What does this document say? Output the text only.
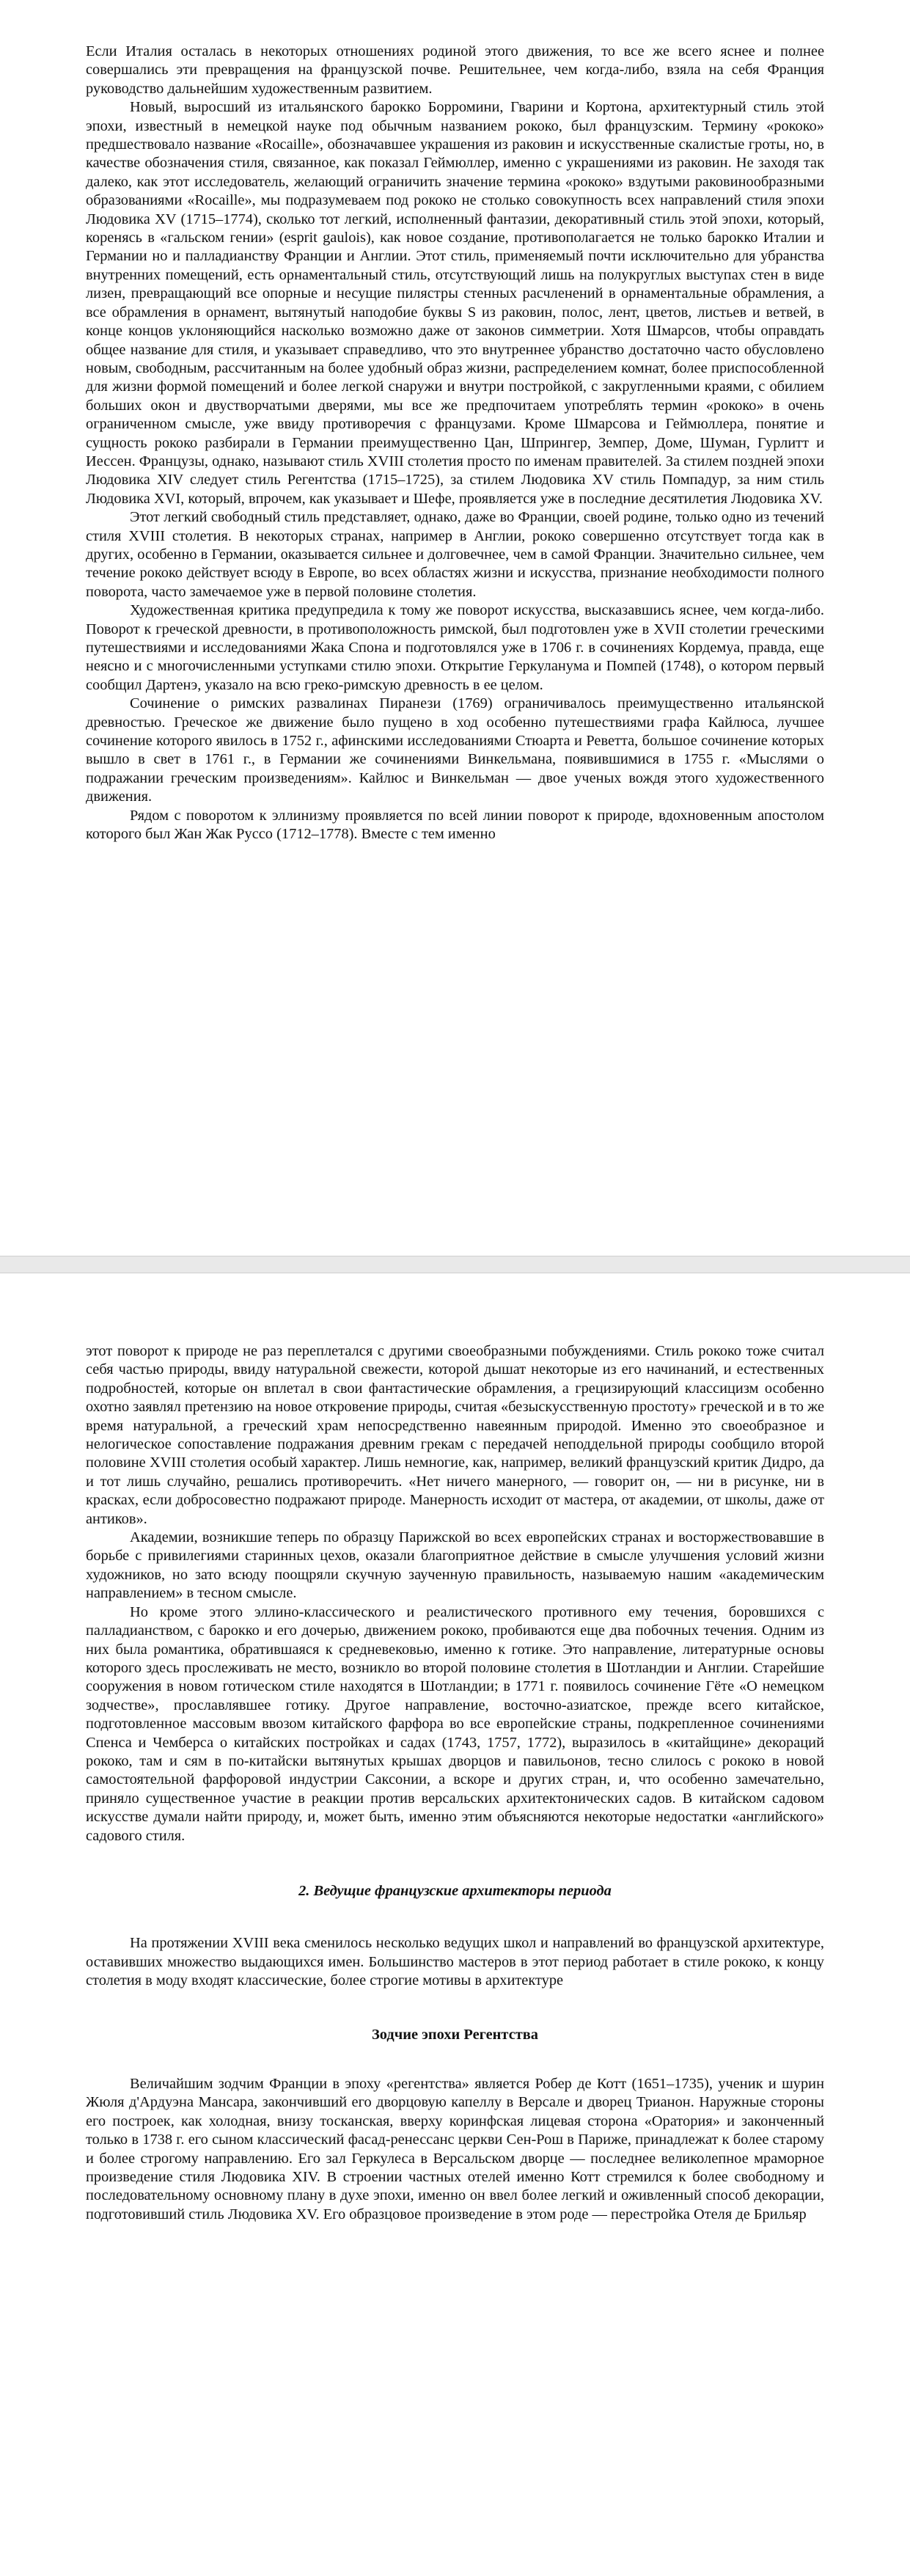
Если Италия осталась в некоторых отношениях родиной этого движения, то все же всего яснее и полнее совершались эти превращения на французской почве. Решительнее, чем когда-либо, взяла на себя Франция руководство дальнейшим художественным развитием.

Новый, выросший из итальянского барокко Борромини, Гварини и Кортона, архитектурный стиль этой эпохи, известный в немецкой науке под обычным названием рококо, был французским. Термину «рококо» предшествовало название «Rocaille», обозначавшее украшения из раковин и искусственные скалистые гроты, но, в качестве обозначения стиля, связанное, как показал Геймюллер, именно с украшениями из раковин. Не заходя так далеко, как этот исследователь, желающий ограничить значение термина «рококо» вздутыми раковинообразными образованиями «Rocaille», мы подразумеваем под рококо не столько совокупность всех направлений стиля эпохи Людовика XV (1715–1774), сколько тот легкий, исполненный фантазии, декоративный стиль этой эпохи, который, коренясь в «гальском гении» (esprit gaulois), как новое создание, противополагается не только барокко Италии и Германии но и палладианству Франции и Англии. Этот стиль, применяемый почти исключительно для убранства внутренних помещений, есть орнаментальный стиль, отсутствующий лишь на полукруглых выступах стен в виде лизен, превращающий все опорные и несущие пилястры стенных расчленений в орнаментальные обрамления, а все обрамления в орнамент, вытянутый наподобие буквы S из раковин, полос, лент, цветов, листьев и ветвей, в конце концов уклоняющийся насколько возможно даже от законов симметрии. Хотя Шмарсов, чтобы оправдать общее название для стиля, и указывает справедливо, что это внутреннее убранство достаточно часто обусловлено новым, свободным, рассчитанным на более удобный образ жизни, распределением комнат, более приспособленной для жизни формой помещений и более легкой снаружи и внутри постройкой, с закругленными краями, с обилием больших окон и двустворчатыми дверями, мы все же предпочитаем употреблять термин «рококо» в очень ограниченном смысле, уже ввиду противоречия с французами. Кроме Шмарсова и Геймюллера, понятие и сущность рококо разбирали в Германии преимущественно Цан, Шпрингер, Земпер, Доме, Шуман, Гурлитт и Иессен. Французы, однако, называют стиль XVIII столетия просто по именам правителей. За стилем поздней эпохи Людовика XIV следует стиль Регентства (1715–1725), за стилем Людовика XV стиль Помпадур, за ним стиль Людовика XVI, который, впрочем, как указывает и Шефе, проявляется уже в последние десятилетия Людовика XV.

Этот легкий свободный стиль представляет, однако, даже во Франции, своей родине, только одно из течений стиля XVIII столетия. В некоторых странах, например в Англии, рококо совершенно отсутствует тогда как в других, особенно в Германии, оказывается сильнее и долговечнее, чем в самой Франции. Значительно сильнее, чем течение рококо действует всюду в Европе, во всех областях жизни и искусства, признание необходимости полного поворота, часто замечаемое уже в первой половине столетия.

Художественная критика предупредила к тому же поворот искусства, высказавшись яснее, чем когда-либо. Поворот к греческой древности, в противоположность римской, был подготовлен уже в XVII столетии греческими путешествиями и исследованиями Жака Спона и подготовлялся уже в 1706 г. в сочинениях Кордемуа, правда, еще неясно и с многочисленными уступками стилю эпохи. Открытие Геркуланума и Помпей (1748), о котором первый сообщил Дартенэ, указало на всю греко-римскую древность в ее целом.

Сочинение о римских развалинах Пиранези (1769) ограничивалось преимущественно итальянской древностью. Греческое же движение было пущено в ход особенно путешествиями графа Кайлюса, лучшее сочинение которого явилось в 1752 г., афинскими исследованиями Стюарта и Реветта, большое сочинение которых вышло в свет в 1761 г., в Германии же сочинениями Винкельмана, появившимися в 1755 г. «Мыслями о подражании греческим произведениям». Кайлюс и Винкельман — двое ученых вождя этого художественного движения.

Рядом с поворотом к эллинизму проявляется по всей линии поворот к природе, вдохновенным апостолом которого был Жан Жак Руссо (1712–1778). Вместе с тем именно

этот поворот к природе не раз переплетался с другими своеобразными побуждениями. Стиль рококо тоже считал себя частью природы, ввиду натуральной свежести, которой дышат некоторые из его начинаний, и естественных подробностей, которые он вплетал в свои фантастические обрамления, а грецизирующий классицизм особенно охотно заявлял претензию на новое откровение природы, считая «безыскусственную простоту» греческой и в то же время натуральной, а греческий храм непосредственно навеянным природой. Именно это своеобразное и нелогическое сопоставление подражания древним грекам с передачей неподдельной природы сообщило второй половине XVIII столетия особый характер. Лишь немногие, как, например, великий французский критик Дидро, да и тот лишь случайно, решались противоречить. «Нет ничего манерного, — говорит он, — ни в рисунке, ни в красках, если добросовестно подражают природе. Манерность исходит от мастера, от академии, от школы, даже от антиков».

Академии, возникшие теперь по образцу Парижской во всех европейских странах и восторжествовавшие в борьбе с привилегиями старинных цехов, оказали благоприятное действие в смысле улучшения условий жизни художников, но зато всюду поощряли скучную заученную правильность, называемую нашим «академическим направлением» в тесном смысле.

Но кроме этого эллино-классического и реалистического противного ему течения, боровшихся с палладианством, с барокко и его дочерью, движением рококо, пробиваются еще два побочных течения. Одним из них была романтика, обратившаяся к средневековью, именно к готике. Это направление, литературные основы которого здесь прослеживать не место, возникло во второй половине столетия в Шотландии и Англии. Старейшие сооружения в новом готическом стиле находятся в Шотландии; в 1771 г. появилось сочинение Гёте «О немецком зодчестве», прославлявшее готику. Другое направление, восточно-азиатское, прежде всего китайское, подготовленное массовым ввозом китайского фарфора во все европейские страны, подкрепленное сочинениями Спенса и Чемберса о китайских постройках и садах (1743, 1757, 1772), выразилось в «китайщине» декораций рококо, там и сям в по-китайски вытянутых крышах дворцов и павильонов, тесно слилось с рококо в новой самостоятельной фарфоровой индустрии Саксонии, а вскоре и других стран, и, что особенно замечательно, приняло существенное участие в реакции против версальских архитектонических садов. В китайском садовом искусстве думали найти природу, и, может быть, именно этим объясняются некоторые недостатки «английского» садового стиля.

2. Ведущие французские архитекторы периода

На протяжении XVIII века сменилось несколько ведущих школ и направлений во французской архитектуре, оставивших множество выдающихся имен. Большинство мастеров в этот период работает в стиле рококо, к концу столетия в моду входят классические, более строгие мотивы в архитектуре

Зодчие эпохи Регентства

Величайшим зодчим Франции в эпоху «регентства» является Робер де Котт (1651–1735), ученик и шурин Жюля д'Ардуэна Мансара, закончивший его дворцовую капеллу в Версале и дворец Трианон. Наружные стороны его построек, как холодная, внизу тосканская, вверху коринфская лицевая сторона «Оратория» и законченный только в 1738 г. его сыном классический фасад-ренессанс церкви Сен-Рош в Париже, принадлежат к более старому и более строгому направлению. Его зал Геркулеса в Версальском дворце — последнее великолепное мраморное произведение стиля Людовика XIV. В строении частных отелей именно Котт стремился к более свободному и последовательному основному плану в духе эпохи, именно он ввел более легкий и оживленный способ декорации, подготовивший стиль Людовика XV. Его образцовое произведение в этом роде — перестройка Отеля де Брильяр
